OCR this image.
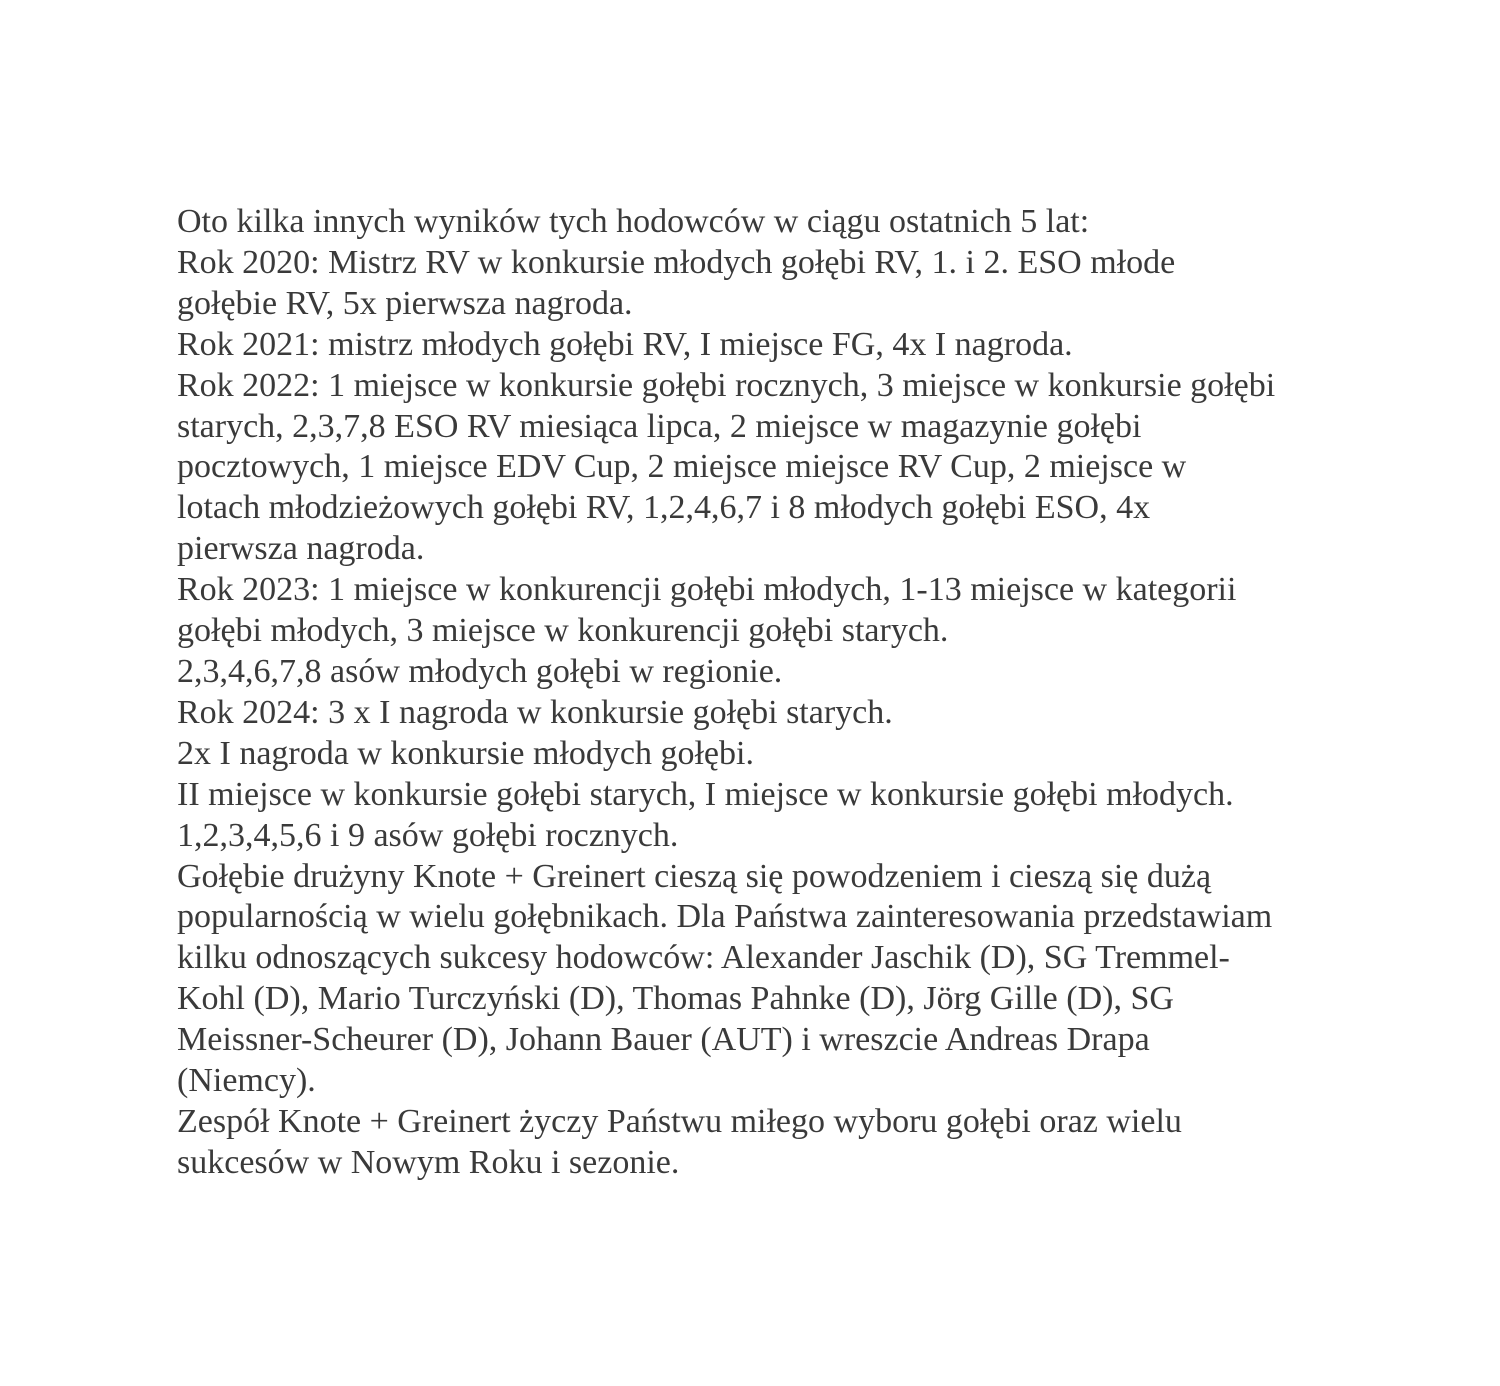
Oto kilka innych wyników tych hodowców w ciągu ostatnich 5 lat:
Rok 2020: Mistrz RV w konkursie młodych gołębi RV, 1. i 2. ESO młode
gołębie RV, 5x pierwsza nagroda.
Rok 2021: mistrz młodych gołębi RV, I miejsce FG, 4x I nagroda.
Rok 2022: 1 miejsce w konkursie gołębi rocznych, 3 miejsce w konkursie gołębi
starych, 2,3,7,8 ESO RV miesiąca lipca, 2 miejsce w magazynie gołębi
pocztowych, 1 miejsce EDV Cup, 2 miejsce miejsce RV Cup, 2 miejsce w
lotach młodzieżowych gołębi RV, 1,2,4,6,7 i 8 młodych gołębi ESO, 4x
pierwsza nagroda.
Rok 2023: 1 miejsce w konkurencji gołębi młodych, 1-13 miejsce w kategorii
gołębi młodych, 3 miejsce w konkurencji gołębi starych.
2,3,4,6,7,8 asów młodych gołębi w regionie.
Rok 2024: 3 x I nagroda w konkursie gołębi starych.
2x I nagroda w konkursie młodych gołębi.
II miejsce w konkursie gołębi starych, I miejsce w konkursie gołębi młodych.
1,2,3,4,5,6 i 9 asów gołębi rocznych.
Gołębie drużyny Knote + Greinert cieszą się powodzeniem i cieszą się dużą
popularnością w wielu gołębnikach. Dla Państwa zainteresowania przedstawiam
kilku odnoszących sukcesy hodowców: Alexander Jaschik (D), SG Tremmel-
Kohl (D), Mario Turczyński (D), Thomas Pahnke (D), Jörg Gille (D), SG
Meissner-Scheurer (D), Johann Bauer (AUT) i wreszcie Andreas Drapa
(Niemcy).
Zespół Knote + Greinert życzy Państwu miłego wyboru gołębi oraz wielu
sukcesów w Nowym Roku i sezonie.
